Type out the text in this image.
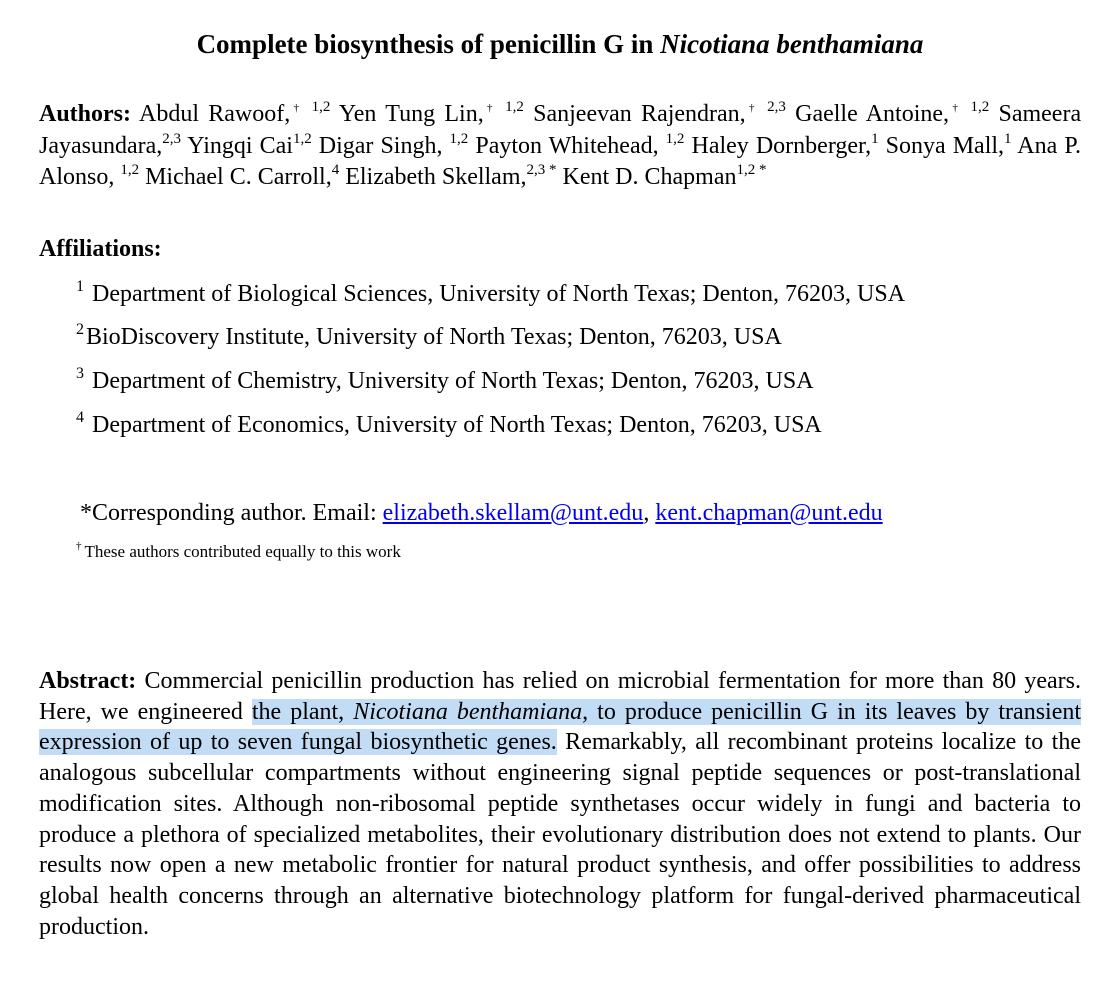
Complete biosynthesis of penicillin G in Nicotiana benthamiana
Authors: Abdul Rawoof,† $^{1,2}$ Yen Tung Lin,† $^{1,2}$ Sanjeevan Rajendran,† $^{2,3}$ Gaelle Antoine,† $^{1,2}$ Sameera Jayasundara,$^{2,3}$ Yingqi Cai$^{1,2}$ Digar Singh, $^{1,2}$ Payton Whitehead, $^{1,2}$ Haley Dornberger,$^1$ Sonya Mall,$^1$ Ana P. Alonso, $^{1,2}$ Michael C. Carroll,$^4$ Elizabeth Skellam,$^{2,3 *}$ Kent D. Chapman$^{1,2 *}$
Affiliations:
$^1$ Department of Biological Sciences, University of North Texas; Denton, 76203, USA
$^2$BioDiscovery Institute, University of North Texas; Denton, 76203, USA
$^3$ Department of Chemistry, University of North Texas; Denton, 76203, USA
$^4$ Department of Economics, University of North Texas; Denton, 76203, USA
*Corresponding author. Email: elizabeth.skellam@unt.edu, kent.chapman@unt.edu
† These authors contributed equally to this work

Abstract: Commercial penicillin production has relied on microbial fermentation for more than 80 years. Here, we engineered the plant, Nicotiana benthamiana, to produce penicillin G in its leaves by transient expression of up to seven fungal biosynthetic genes. Remarkably, all recombinant proteins localize to the analogous subcellular compartments without engineering signal peptide sequences or post-translational modification sites. Although non-ribosomal peptide synthetases occur widely in fungi and bacteria to produce a plethora of specialized metabolites, their evolutionary distribution does not extend to plants. Our results now open a new metabolic frontier for natural product synthesis, and offer possibilities to address global health concerns through an alternative biotechnology platform for fungal-derived pharmaceutical production.
